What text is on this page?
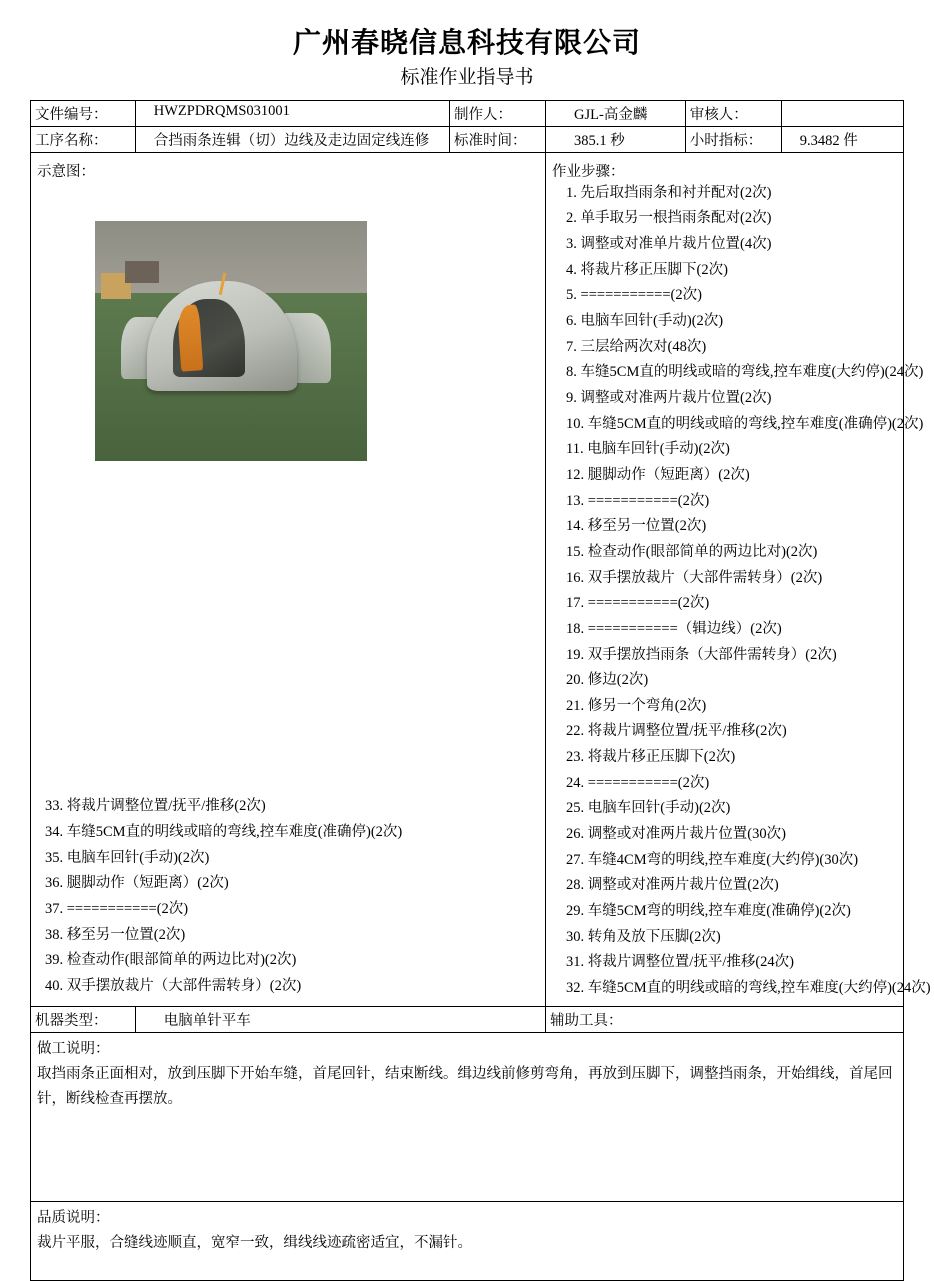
广州春晓信息科技有限公司
标准作业指导书
文件编号：	HWZPDRQMS031001	制作人：	GJL-高金麟	审核人：	
工序名称：	合挡雨条连辑（切）边线及走边固定线连修	标准时间：	385.1 秒	小时指标：	9.3482 件

示意图：
33. 将裁片调整位置/抚平/推移(2次)
34. 车缝5CM直的明线或暗的弯线,控车难度(准确停)(2次)
35. 电脑车回针(手动)(2次)
36. 腿脚动作（短距离）(2次)
37. ===========(2次)
38. 移至另一位置(2次)
39. 检查动作(眼部简单的两边比对)(2次)
40. 双手摆放裁片（大部件需转身）(2次)

作业步骤：
1. 先后取挡雨条和衬并配对(2次)
2. 单手取另一根挡雨条配对(2次)
3. 调整或对准单片裁片位置(4次)
4. 将裁片移正压脚下(2次)
5. ===========(2次)
6. 电脑车回针(手动)(2次)
7. 三层给两次对(48次)
8. 车缝5CM直的明线或暗的弯线,控车难度(大约停)(24次)
9. 调整或对准两片裁片位置(2次)
10. 车缝5CM直的明线或暗的弯线,控车难度(准确停)(2次)
11. 电脑车回针(手动)(2次)
12. 腿脚动作（短距离）(2次)
13. ===========(2次)
14. 移至另一位置(2次)
15. 检查动作(眼部简单的两边比对)(2次)
16. 双手摆放裁片（大部件需转身）(2次)
17. ===========(2次)
18. ===========（辑边线）(2次)
19. 双手摆放挡雨条（大部件需转身）(2次)
20. 修边(2次)
21. 修另一个弯角(2次)
22. 将裁片调整位置/抚平/推移(2次)
23. 将裁片移正压脚下(2次)
24. ===========(2次)
25. 电脑车回针(手动)(2次)
26. 调整或对准两片裁片位置(30次)
27. 车缝4CM弯的明线,控车难度(大约停)(30次)
28. 调整或对准两片裁片位置(2次)
29. 车缝5CM弯的明线,控车难度(准确停)(2次)
30. 转角及放下压脚(2次)
31. 将裁片调整位置/抚平/推移(24次)
32. 车缝5CM直的明线或暗的弯线,控车难度(大约停)(24次)

机器类型：	电脑单针平车		辅助工具：		

做工说明：
取挡雨条正面相对，放到压脚下开始车缝，首尾回针，结束断线。缉边线前修剪弯角，再放到压脚下，调整挡雨条，开始缉线，首尾回针，断线检查再摆放。					

品质说明：
裁片平服，合缝线迹顺直，宽窄一致，缉线线迹疏密适宜，不漏针。					
